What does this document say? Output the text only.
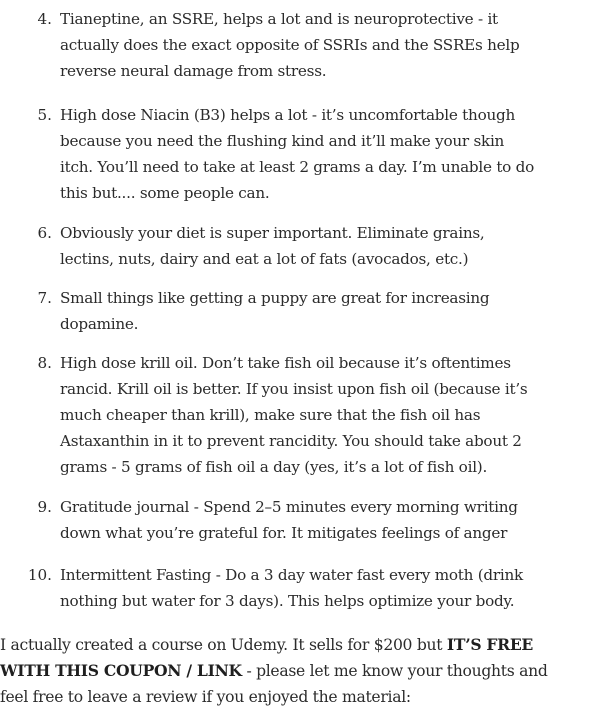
4. Tianeptine, an SSRE, helps a lot and is neuroprotective - it
actually does the exact opposite of SSRIs and the SSREs help
reverse neural damage from stress.
5. High dose Niacin (B3) helps a lot - it’s uncomfortable though
because you need the flushing kind and it’ll make your skin
itch. You’ll need to take at least 2 grams a day. I’m unable to do
this but.... some people can.
6. Obviously your diet is super important. Eliminate grains,
lectins, nuts, dairy and eat a lot of fats (avocados, etc.)
7. Small things like getting a puppy are great for increasing
dopamine.
8. High dose krill oil. Don’t take fish oil because it’s oftentimes
rancid. Krill oil is better. If you insist upon fish oil (because it’s
much cheaper than krill), make sure that the fish oil has
Astaxanthin in it to prevent rancidity. You should take about 2
grams - 5 grams of fish oil a day (yes, it’s a lot of fish oil).
9. Gratitude journal - Spend 2–5 minutes every morning writing
down what you’re grateful for. It mitigates feelings of anger
10. Intermittent Fasting - Do a 3 day water fast every moth (drink
nothing but water for 3 days). This helps optimize your body.
I actually created a course on Udemy. It sells for $200 but IT’S FREE
WITH THIS COUPON / LINK - please let me know your thoughts and
feel free to leave a review if you enjoyed the material:
